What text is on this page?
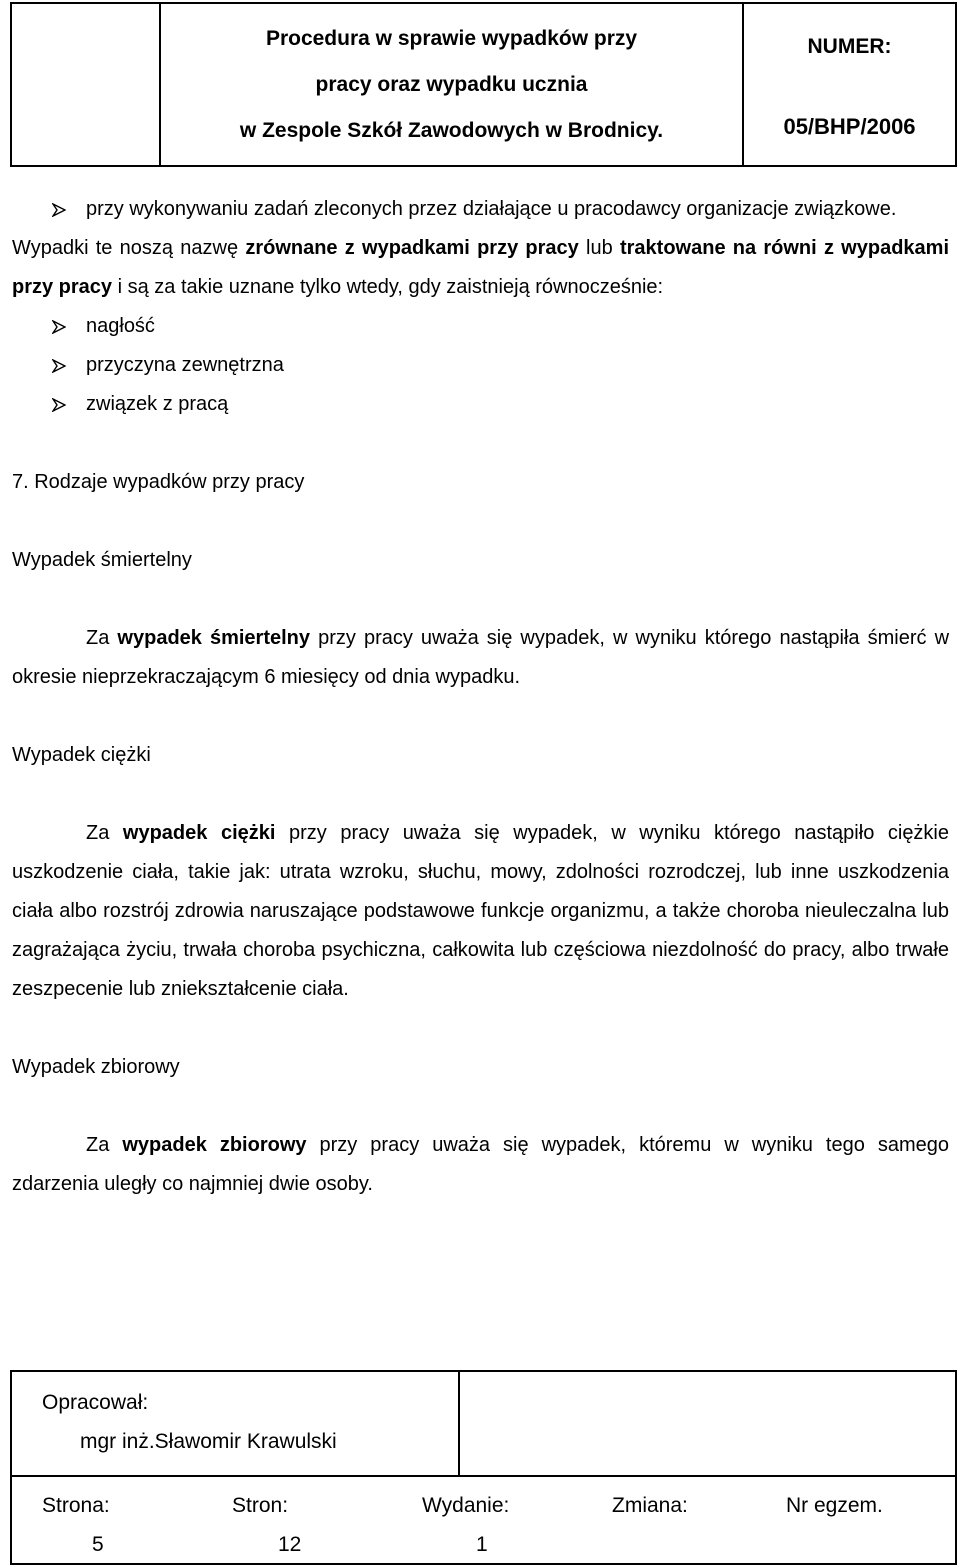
Procedura w sprawie wypadków przy
pracy oraz wypadku ucznia
w Zespole Szkół Zawodowych w Brodnicy.

NUMER:
05/BHP/2006
przy wykonywaniu zadań zleconych przez działające u pracodawcy organizacje związkowe.

Wypadki te noszą nazwę zrównane z wypadkami przy pracy lub traktowane na równi z wypadkami przy pracy i są za takie uznane tylko wtedy, gdy zaistnieją równocześnie:

nagłość
przyczyna zewnętrzna
związek z pracą

7. Rodzaje wypadków przy pracy

Wypadek śmiertelny

Za wypadek śmiertelny przy pracy uważa się wypadek, w wyniku którego nastąpiła śmierć w okresie nieprzekraczającym 6 miesięcy od dnia wypadku.

Wypadek ciężki

Za wypadek ciężki przy pracy uważa się wypadek, w wyniku którego nastąpiło ciężkie uszkodzenie ciała, takie jak: utrata wzroku, słuchu, mowy, zdolności rozrodczej, lub inne uszkodzenia ciała albo rozstrój zdrowia naruszające podstawowe funkcje organizmu, a także choroba nieuleczalna lub zagrażająca życiu, trwała choroba psychiczna, całkowita lub częściowa niezdolność do pracy, albo trwałe zeszpecenie lub zniekształcenie ciała.

Wypadek zbiorowy

Za wypadek zbiorowy przy pracy uważa się wypadek, któremu w wyniku tego samego zdarzenia uległy co najmniej dwie osoby.

Opracował:
mgr inż.Sławomir Krawulski

Strona:
5
Stron:
12
Wydanie:
1
Zmiana:	Nr egzem.
